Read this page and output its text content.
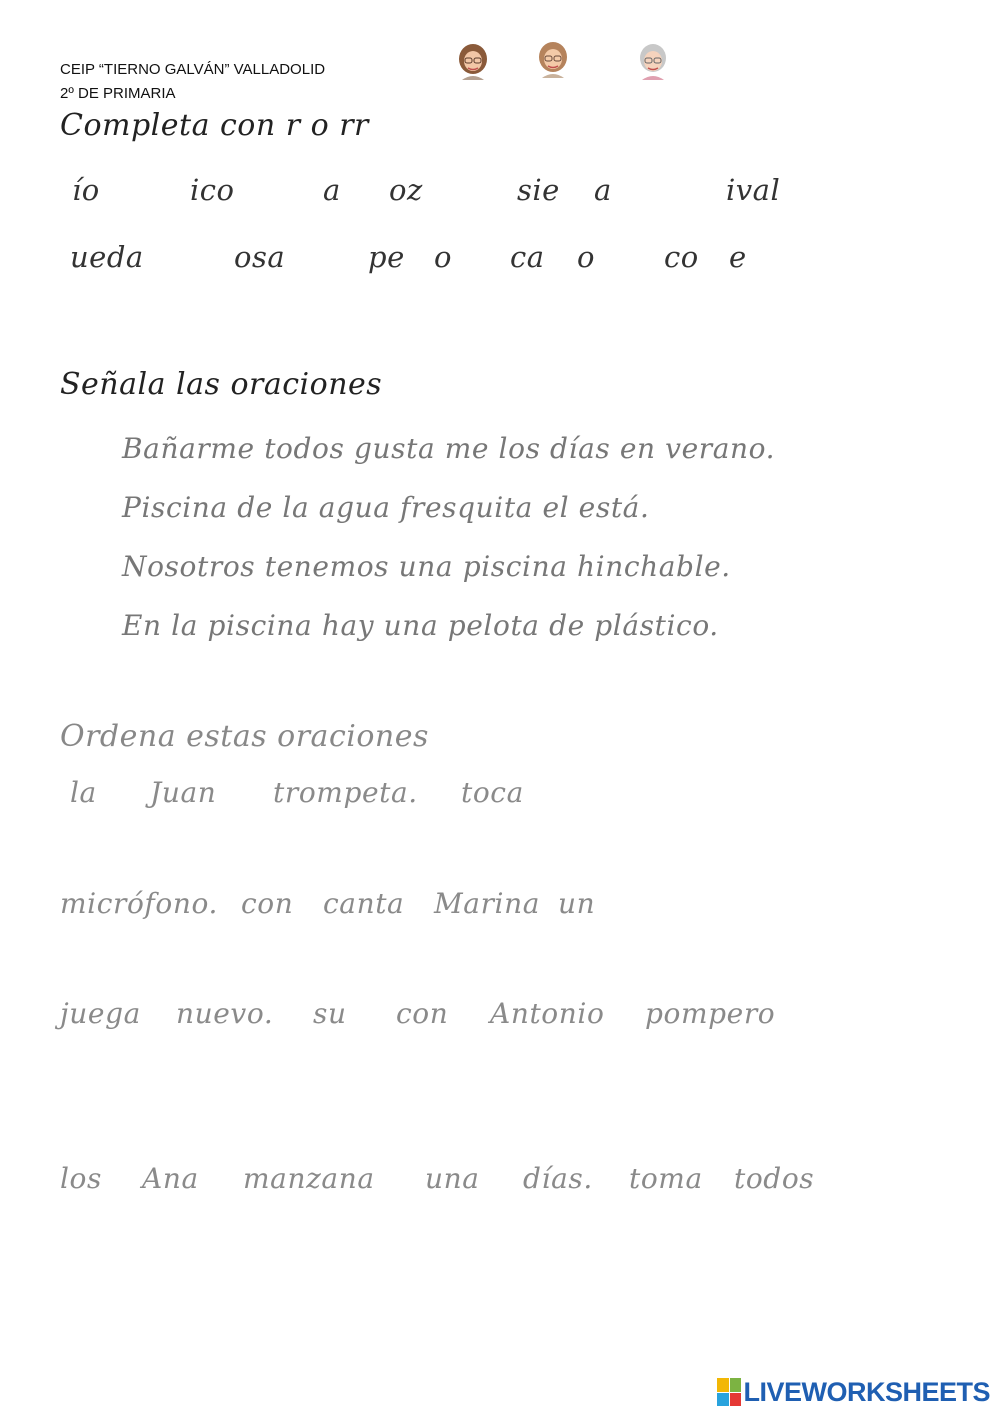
CEIP “TIERNO GALVÁN” VALLADOLID
2º DE PRIMARIA
Completa con r o rr
ío	ico	a oz	sie a	ival
ueda	osa	pe o ca o co e
Señala las oraciones
Bañarme todos gusta me los días en verano.
Piscina de la agua fresquita el está.
Nosotros tenemos una piscina hinchable.
En la piscina hay una pelota de plástico.
Ordena estas oraciones
la Juan trompeta. toca
micrófono. con canta Marina un
juega nuevo. su con Antonio pompero
los Ana manzana una días. toma todos
LIVEWORKSHEETS
